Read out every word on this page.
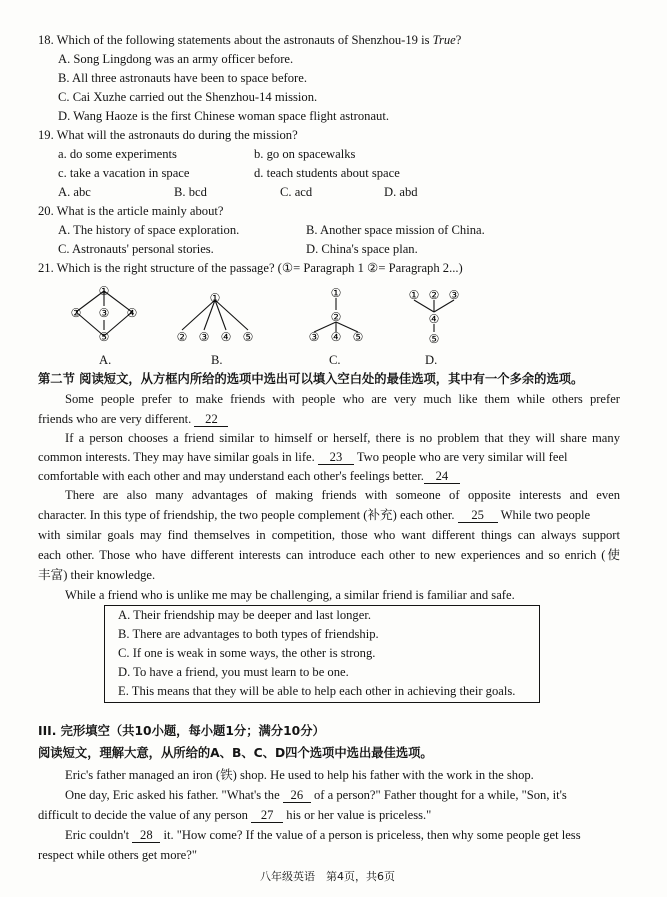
18. Which of the following statements about the astronauts of Shenzhou-19 is True?
A. Song Lingdong was an army officer before.
B. All three astronauts have been to space before.
C. Cai Xuzhe carried out the Shenzhou-14 mission.
D. Wang Haoze is the first Chinese woman space flight astronaut.
19. What will the astronauts do during the mission?
a. do some experiments	b. go on spacewalks
c. take a vacation in space	d. teach students about space
A. abc	B. bcd	C. acd	D. abd
20. What is the article mainly about?
A. The history of space exploration.	B. Another space mission of China.
C. Astronauts' personal stories.	D. China's space plan.
21. Which is the right structure of the passage? (①= Paragraph 1 ②= Paragraph 2...)
①
② ③ ④
⑤
A.
①
② ③ ④ ⑤
B.
①
②
③ ④ ⑤
C.
① ② ③
④
⑤
D.
第二节 阅读短文，从方框内所给的选项中选出可以填入空白处的最佳选项，其中有一个多余的选项。
Some people prefer to make friends with people who are very much like them while others prefer
friends who are very different. 22
If a person chooses a friend similar to himself or herself, there is no problem that they will share many
common interests. They may have similar goals in life. 23 Two people who are very similar will feel
comfortable with each other and may understand each other's feelings better. 24
There are also many advantages of making friends with someone of opposite interests and even
character. In this type of friendship, the two people complement (补充) each other. 25 While two people
with similar goals may find themselves in competition, those who want different things can always support
each other. Those who have different interests can introduce each other to new experiences and so enrich (使
丰富) their knowledge.
While a friend who is unlike me may be challenging, a similar friend is familiar and safe.
A. Their friendship may be deeper and last longer.
B. There are advantages to both types of friendship.
C. If one is weak in some ways, the other is strong.
D. To have a friend, you must learn to be one.
E. This means that they will be able to help each other in achieving their goals.
III. 完形填空（共10小题，每小题1分；满分10分）
阅读短文，理解大意，从所给的A、B、C、D四个选项中选出最佳选项。
Eric's father managed an iron (铁) shop. He used to help his father with the work in the shop.
One day, Eric asked his father. "What's the 26 of a person?" Father thought for a while, "Son, it's
difficult to decide the value of any person 27 his or her value is priceless."
Eric couldn't 28 it. "How come? If the value of a person is priceless, then why some people get less
respect while others get more?"
八年级英语　第4页，共6页
